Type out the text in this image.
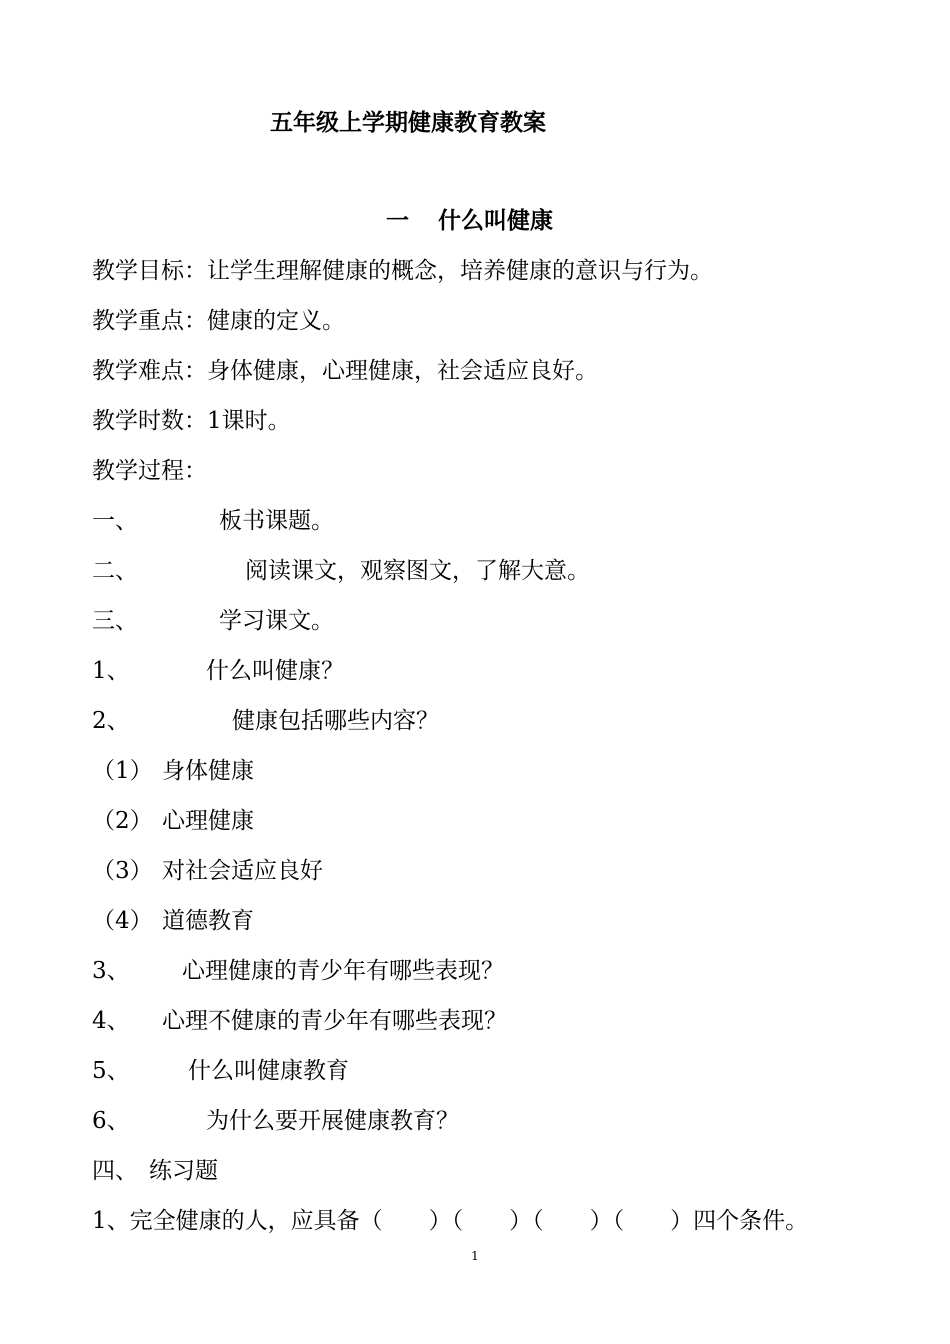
五年级上学期健康教育教案
一 什么叫健康
教学目标：让学生理解健康的概念，培养健康的意识与行为。
教学重点：健康的定义。
教学难点：身体健康，心理健康，社会适应良好。
教学时数：1课时。
教学过程：
一、	板书课题。
二、	阅读课文，观察图文，了解大意。
三、	学习课文。
1、	什么叫健康？
2、	健康包括哪些内容？
（1） 身体健康
（2） 心理健康
（3） 对社会适应良好
（4） 道德教育
3、 心理健康的青少年有哪些表现？
4、 心理不健康的青少年有哪些表现？
5、	什么叫健康教育
6、	为什么要开展健康教育？
四、 练习题
1、完全健康的人，应具备（　　）（　　）（　　）（　　）四个条件。
1
